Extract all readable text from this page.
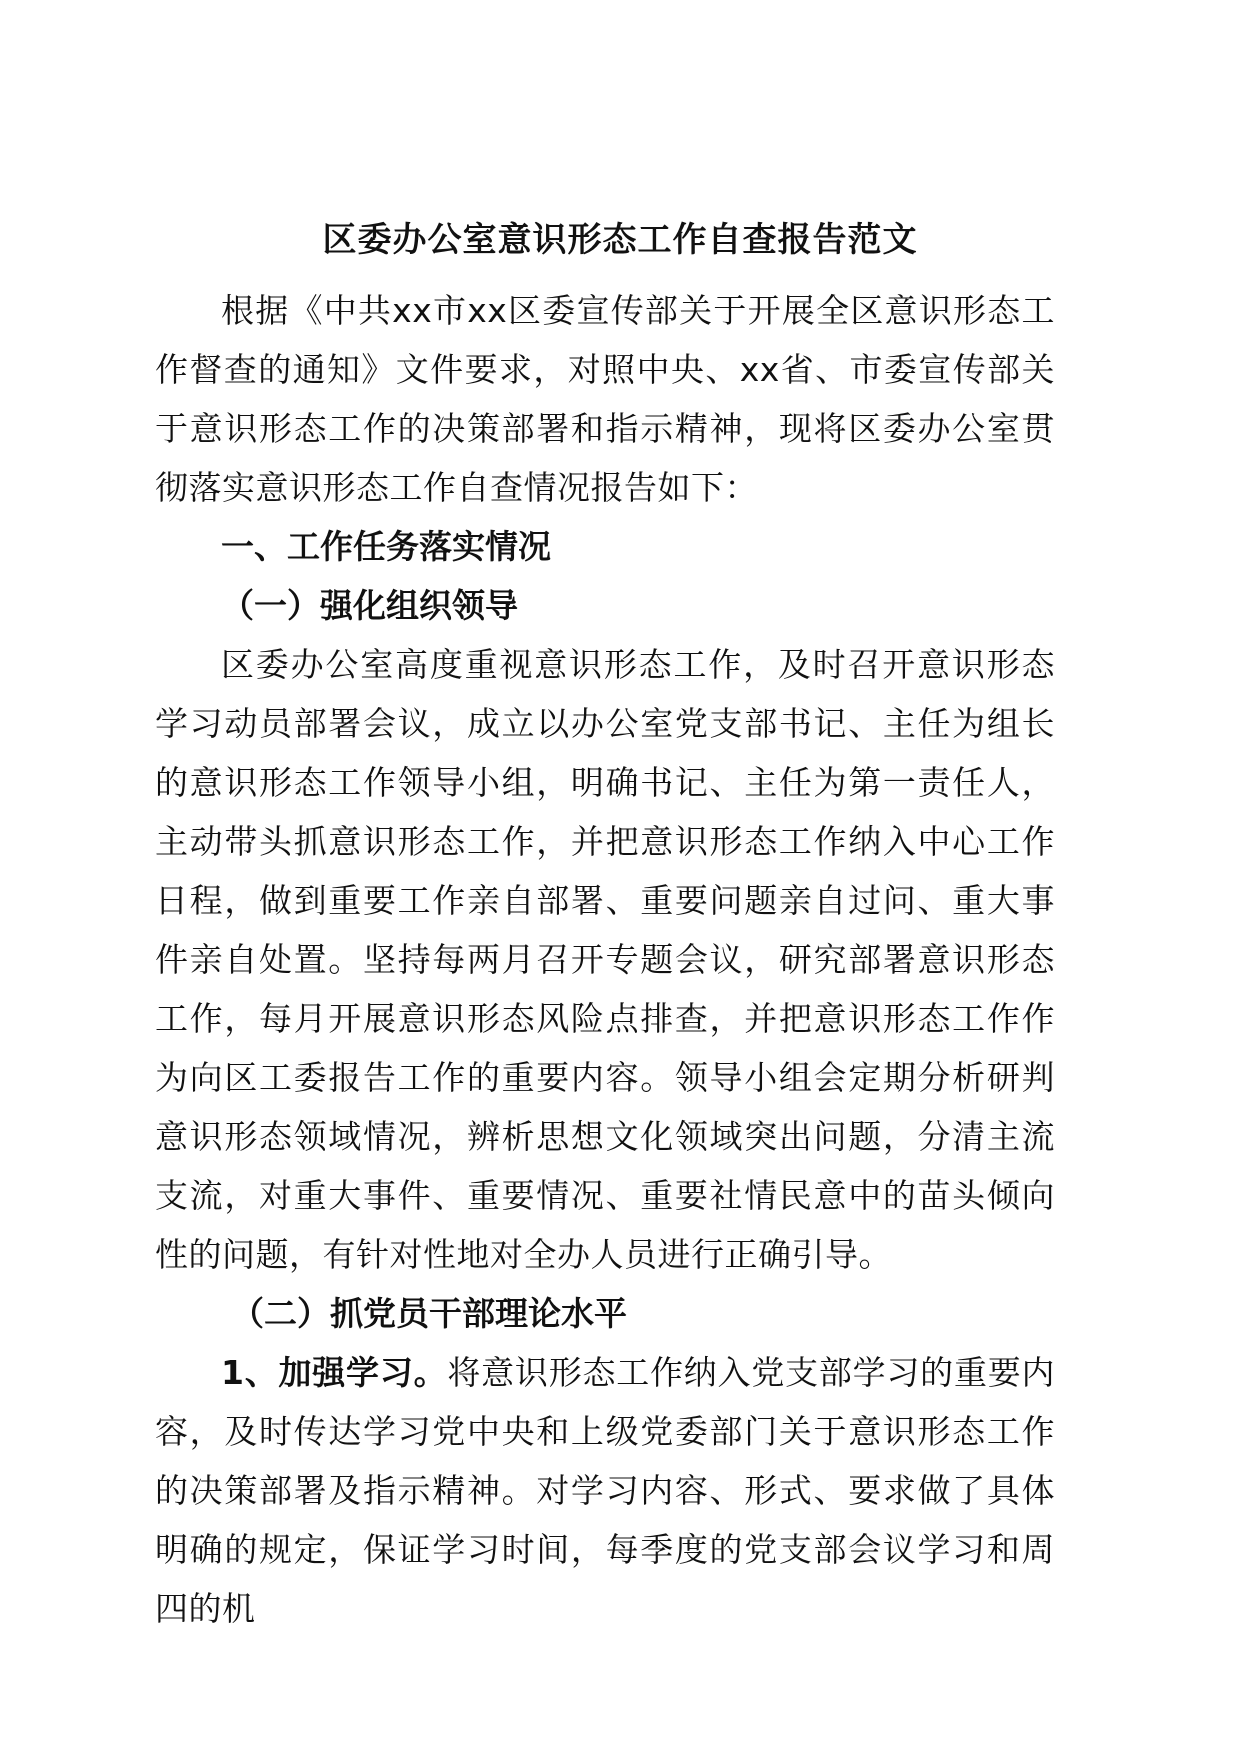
区委办公室意识形态工作自查报告范文

根据《中共xx市xx区委宣传部关于开展全区意识形态工作督查的通知》文件要求，对照中央、xx省、市委宣传部关于意识形态工作的决策部署和指示精神，现将区委办公室贯彻落实意识形态工作自查情况报告如下：

一、工作任务落实情况

（一）强化组织领导

区委办公室高度重视意识形态工作，及时召开意识形态学习动员部署会议，成立以办公室党支部书记、主任为组长的意识形态工作领导小组，明确书记、主任为第一责任人，主动带头抓意识形态工作，并把意识形态工作纳入中心工作日程，做到重要工作亲自部署、重要问题亲自过问、重大事件亲自处置。坚持每两月召开专题会议，研究部署意识形态工作，每月开展意识形态风险点排查，并把意识形态工作作为向区工委报告工作的重要内容。领导小组会定期分析研判意识形态领域情况，辨析思想文化领域突出问题，分清主流支流，对重大事件、重要情况、重要社情民意中的苗头倾向性的问题，有针对性地对全办人员进行正确引导。

（二）抓党员干部理论水平

1、加强学习。将意识形态工作纳入党支部学习的重要内容，及时传达学习党中央和上级党委部门关于意识形态工作的决策部署及指示精神。对学习内容、形式、要求做了具体明确的规定，保证学习时间，每季度的党支部会议学习和周四的机
